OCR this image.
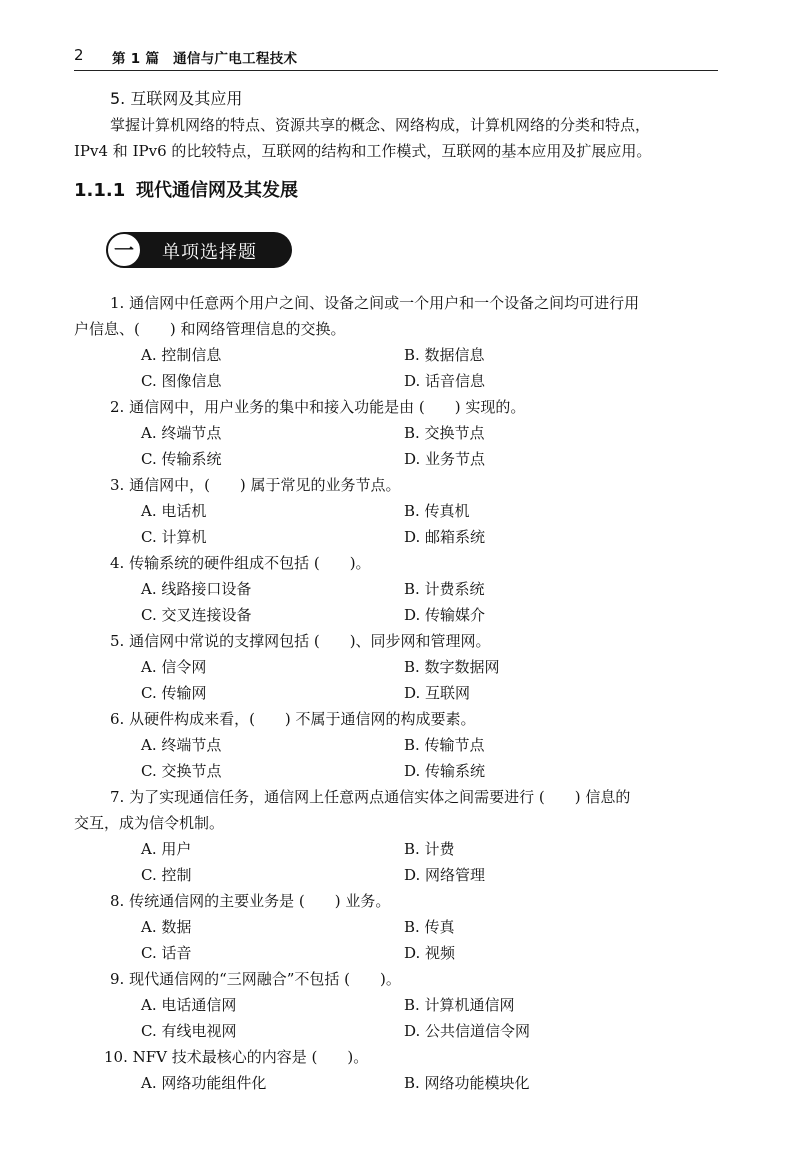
2 第 1 篇　通信与广电工程技术
5. 互联网及其应用
掌握计算机网络的特点、资源共享的概念、网络构成，计算机网络的分类和特点，
IPv4 和 IPv6 的比较特点，互联网的结构和工作模式，互联网的基本应用及扩展应用。
1.1.1 现代通信网及其发展
一	单项选择题
1. 通信网中任意两个用户之间、设备之间或一个用户和一个设备之间均可进行用
户信息、(　　) 和网络管理信息的交换。
A. 控制信息	B. 数据信息
C. 图像信息	D. 话音信息
2. 通信网中，用户业务的集中和接入功能是由 (　　) 实现的。
A. 终端节点	B. 交换节点
C. 传输系统	D. 业务节点
3. 通信网中，(　　) 属于常见的业务节点。
A. 电话机	B. 传真机
C. 计算机	D. 邮箱系统
4. 传输系统的硬件组成不包括 (　　)。
A. 线路接口设备	B. 计费系统
C. 交叉连接设备	D. 传输媒介
5. 通信网中常说的支撑网包括 (　　)、同步网和管理网。
A. 信令网	B. 数字数据网
C. 传输网	D. 互联网
6. 从硬件构成来看，(　　) 不属于通信网的构成要素。
A. 终端节点	B. 传输节点
C. 交换节点	D. 传输系统
7. 为了实现通信任务，通信网上任意两点通信实体之间需要进行 (　　) 信息的
交互，成为信令机制。
A. 用户	B. 计费
C. 控制	D. 网络管理
8. 传统通信网的主要业务是 (　　) 业务。
A. 数据	B. 传真
C. 话音	D. 视频
9. 现代通信网的“三网融合”不包括 (　　)。
A. 电话通信网	B. 计算机通信网
C. 有线电视网	D. 公共信道信令网
10. NFV 技术最核心的内容是 (　　)。
A. 网络功能组件化	B. 网络功能模块化
